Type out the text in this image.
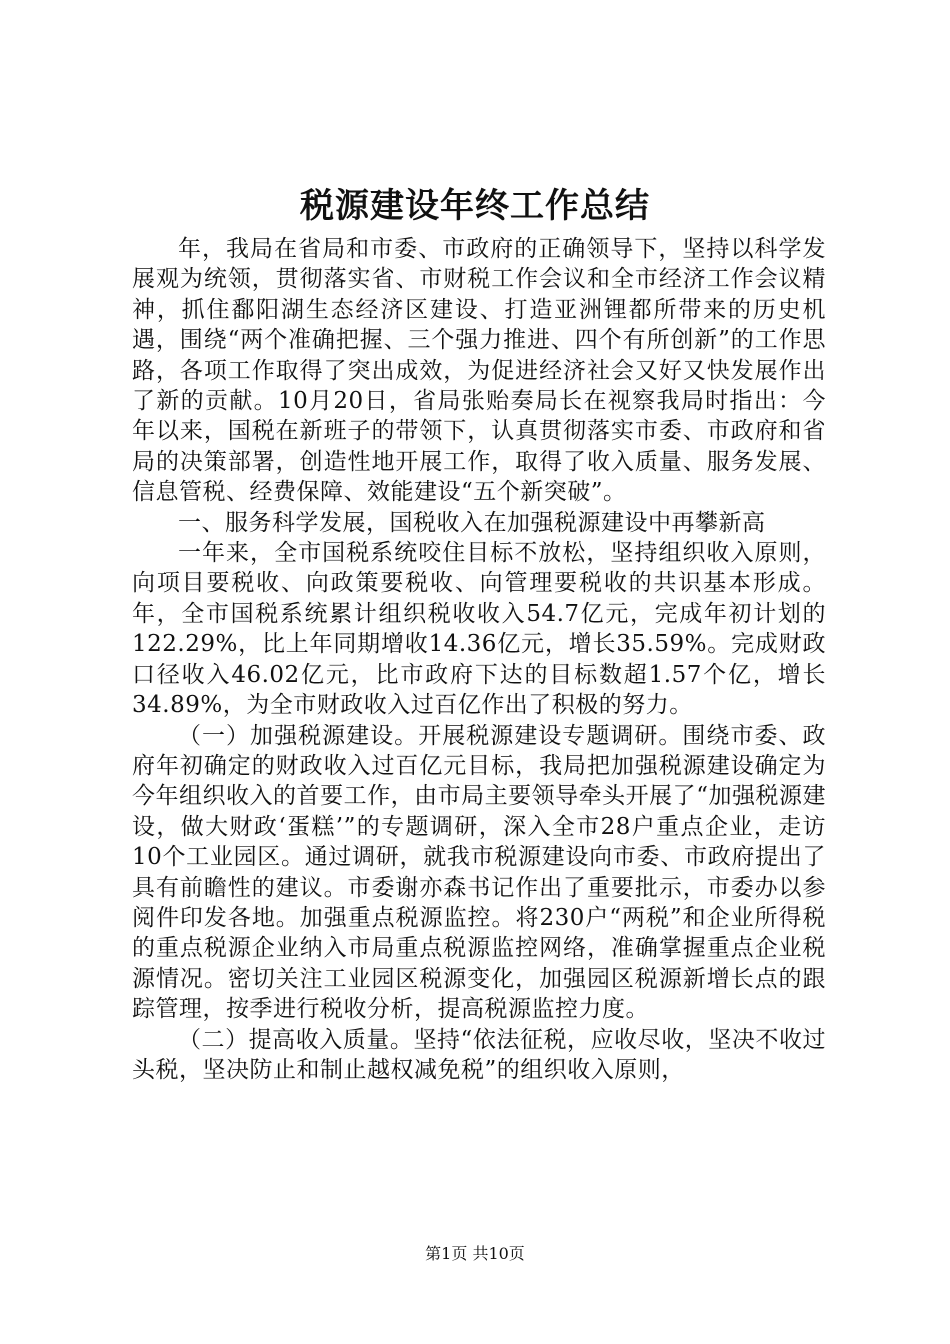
税源建设年终工作总结

年，我局在省局和市委、市政府的正确领导下，坚持以科学发展观为统领，贯彻落实省、市财税工作会议和全市经济工作会议精神，抓住鄱阳湖生态经济区建设、打造亚洲锂都所带来的历史机遇，围绕“两个准确把握、三个强力推进、四个有所创新”的工作思路，各项工作取得了突出成效，为促进经济社会又好又快发展作出了新的贡献。10月20日，省局张贻奏局长在视察我局时指出：今年以来，国税在新班子的带领下，认真贯彻落实市委、市政府和省局的决策部署，创造性地开展工作，取得了收入质量、服务发展、信息管税、经费保障、效能建设“五个新突破”。

一、服务科学发展，国税收入在加强税源建设中再攀新高

一年来，全市国税系统咬住目标不放松，坚持组织收入原则，向项目要税收、向政策要税收、向管理要税收的共识基本形成。年，全市国税系统累计组织税收收入54.7亿元，完成年初计划的122.29%，比上年同期增收14.36亿元，增长35.59%。完成财政口径收入46.02亿元，比市政府下达的目标数超1.57个亿，增长34.89%，为全市财政收入过百亿作出了积极的努力。

（一）加强税源建设。开展税源建设专题调研。围绕市委、政府年初确定的财政收入过百亿元目标，我局把加强税源建设确定为今年组织收入的首要工作，由市局主要领导牵头开展了“加强税源建设，做大财政‘蛋糕’”的专题调研，深入全市28户重点企业，走访10个工业园区。通过调研，就我市税源建设向市委、市政府提出了具有前瞻性的建议。市委谢亦森书记作出了重要批示，市委办以参阅件印发各地。加强重点税源监控。将230户“两税”和企业所得税的重点税源企业纳入市局重点税源监控网络，准确掌握重点企业税源情况。密切关注工业园区税源变化，加强园区税源新增长点的跟踪管理，按季进行税收分析，提高税源监控力度。

（二）提高收入质量。坚持“依法征税，应收尽收，坚决不收过头税，坚决防止和制止越权减免税”的组织收入原则，

第1页 共10页
